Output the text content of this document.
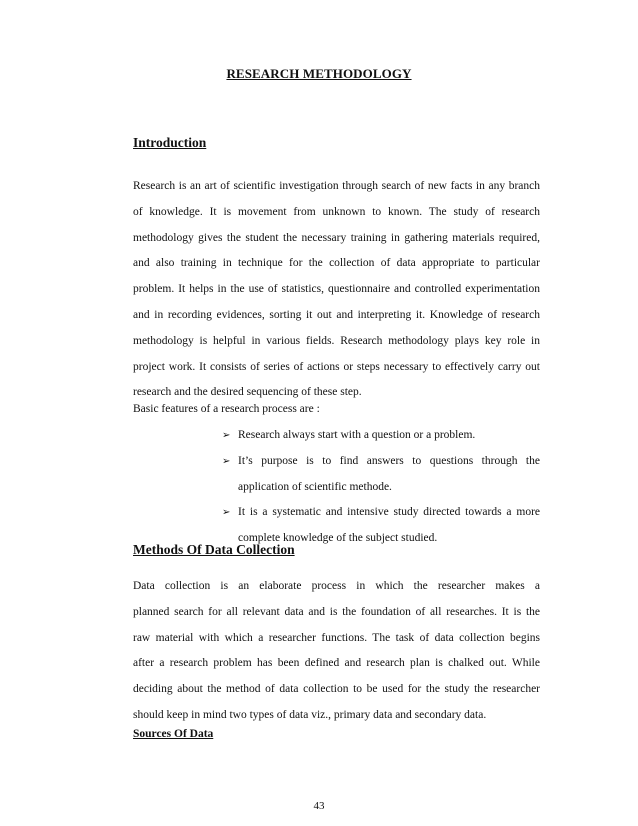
RESEARCH METHODOLOGY
Introduction
Research is an art of scientific investigation through search of new facts in any branch
of knowledge. It is movement from unknown to known. The study of research
methodology gives the student the necessary training in gathering materials required,
and also training in technique for the collection of data appropriate to particular
problem. It helps in the use of statistics, questionnaire and controlled experimentation
and in recording evidences, sorting it out and interpreting it. Knowledge of research
methodology is helpful in various fields. Research methodology plays key role in
project work. It consists of series of actions or steps necessary to effectively carry out
research and the desired sequencing of these step.
Basic features of a research process are :
➢ Research always start with a question or a problem.
➢ It’s purpose is to find answers to questions through the
application of scientific methode.
➢ It is a systematic and intensive study directed towards a more
complete knowledge of the subject studied.
Methods Of Data Collection
Data collection is an elaborate process in which the researcher makes a
planned search for all relevant data and is the foundation of all researches. It is the
raw material with which a researcher functions. The task of data collection begins
after a research problem has been defined and research plan is chalked out. While
deciding about the method of data collection to be used for the study the researcher
should keep in mind two types of data viz., primary data and secondary data.
Sources Of Data
43
